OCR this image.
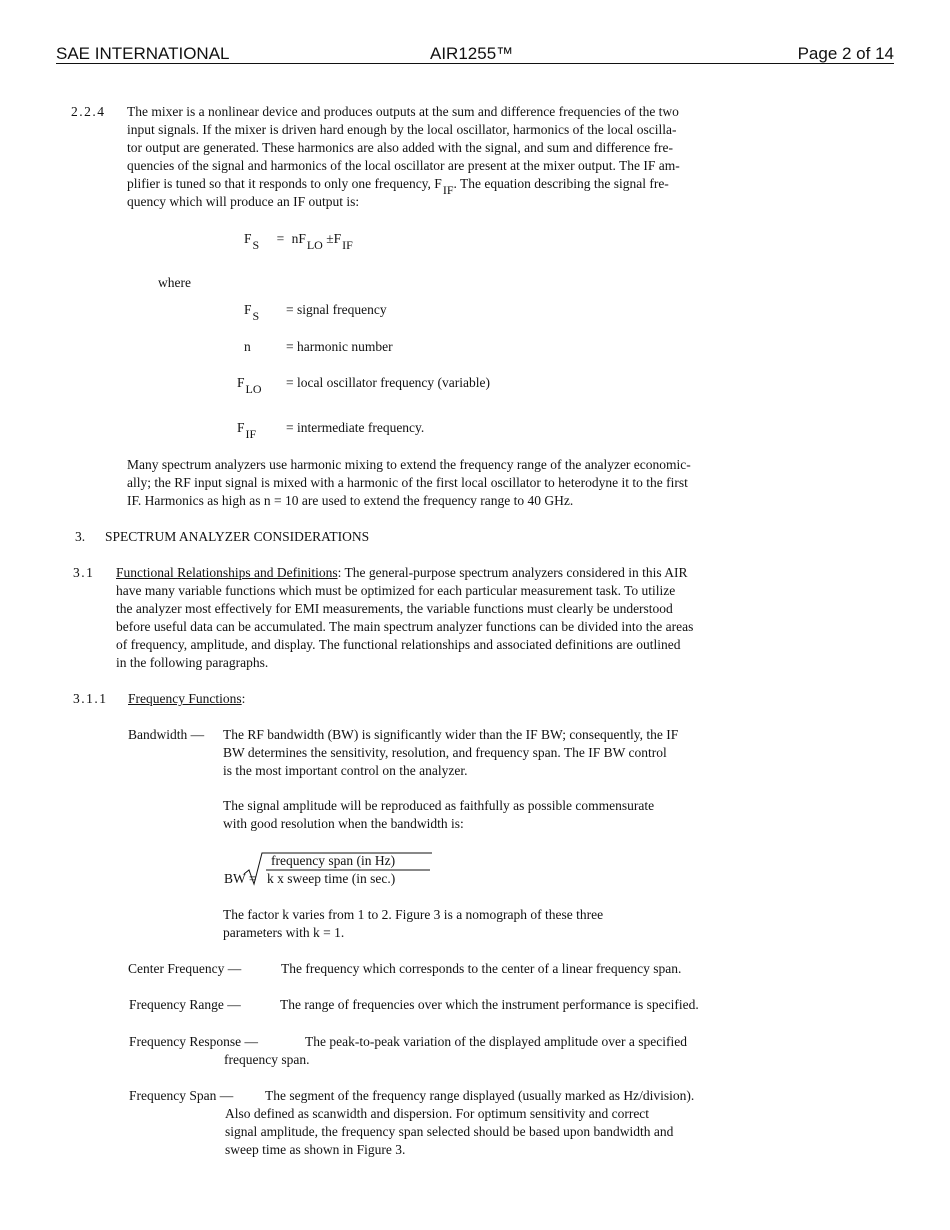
SAE INTERNATIONAL	AIR1255™	Page 2 of 14
2.2.4 The mixer is a nonlinear device and produces outputs at the sum and difference frequencies of the two
input signals. If the mixer is driven hard enough by the local oscillator, harmonics of the local oscilla-
tor output are generated. These harmonics are also added with the signal, and sum and difference fre-
quencies of the signal and harmonics of the local oscillator are present at the mixer output. The IF am-
plifier is tuned so that it responds to only one frequency, FIF. The equation describing the signal fre-
quency which will produce an IF output is:
FS = nFLO ±FIF
where
FS = signal frequency
n	= harmonic number
FLO = local oscillator frequency (variable)
FIF = intermediate frequency.
Many spectrum analyzers use harmonic mixing to extend the frequency range of the analyzer economic-
ally; the RF input signal is mixed with a harmonic of the first local oscillator to heterodyne it to the first
IF. Harmonics as high as n = 10 are used to extend the frequency range to 40 GHz.
3. SPECTRUM ANALYZER CONSIDERATIONS
3.1 Functional Relationships and Definitions: The general-purpose spectrum analyzers considered in this AIR
have many variable functions which must be optimized for each particular measurement task. To utilize
the analyzer most effectively for EMI measurements, the variable functions must clearly be understood
before useful data can be accumulated. The main spectrum analyzer functions can be divided into the areas
of frequency, amplitude, and display. The functional relationships and associated definitions are outlined
in the following paragraphs.
3.1.1 Frequency Functions:
Bandwidth — The RF bandwidth (BW) is significantly wider than the IF BW; consequently, the IF
BW determines the sensitivity, resolution, and frequency span. The IF BW control
is the most important control on the analyzer.
The signal amplitude will be reproduced as faithfully as possible commensurate
with good resolution when the bandwidth is:
frequency span (in Hz)
BW = k x sweep time (in sec.)
The factor k varies from 1 to 2. Figure 3 is a nomograph of these three
parameters with k = 1.
Center Frequency —	The frequency which corresponds to the center of a linear frequency span.
Frequency Range —	The range of frequencies over which the instrument performance is specified.
Frequency Response —	The peak-to-peak variation of the displayed amplitude over a specified
frequency span.
Frequency Span — The segment of the frequency range displayed (usually marked as Hz/division).
Also defined as scanwidth and dispersion. For optimum sensitivity and correct
signal amplitude, the frequency span selected should be based upon bandwidth and
sweep time as shown in Figure 3.
